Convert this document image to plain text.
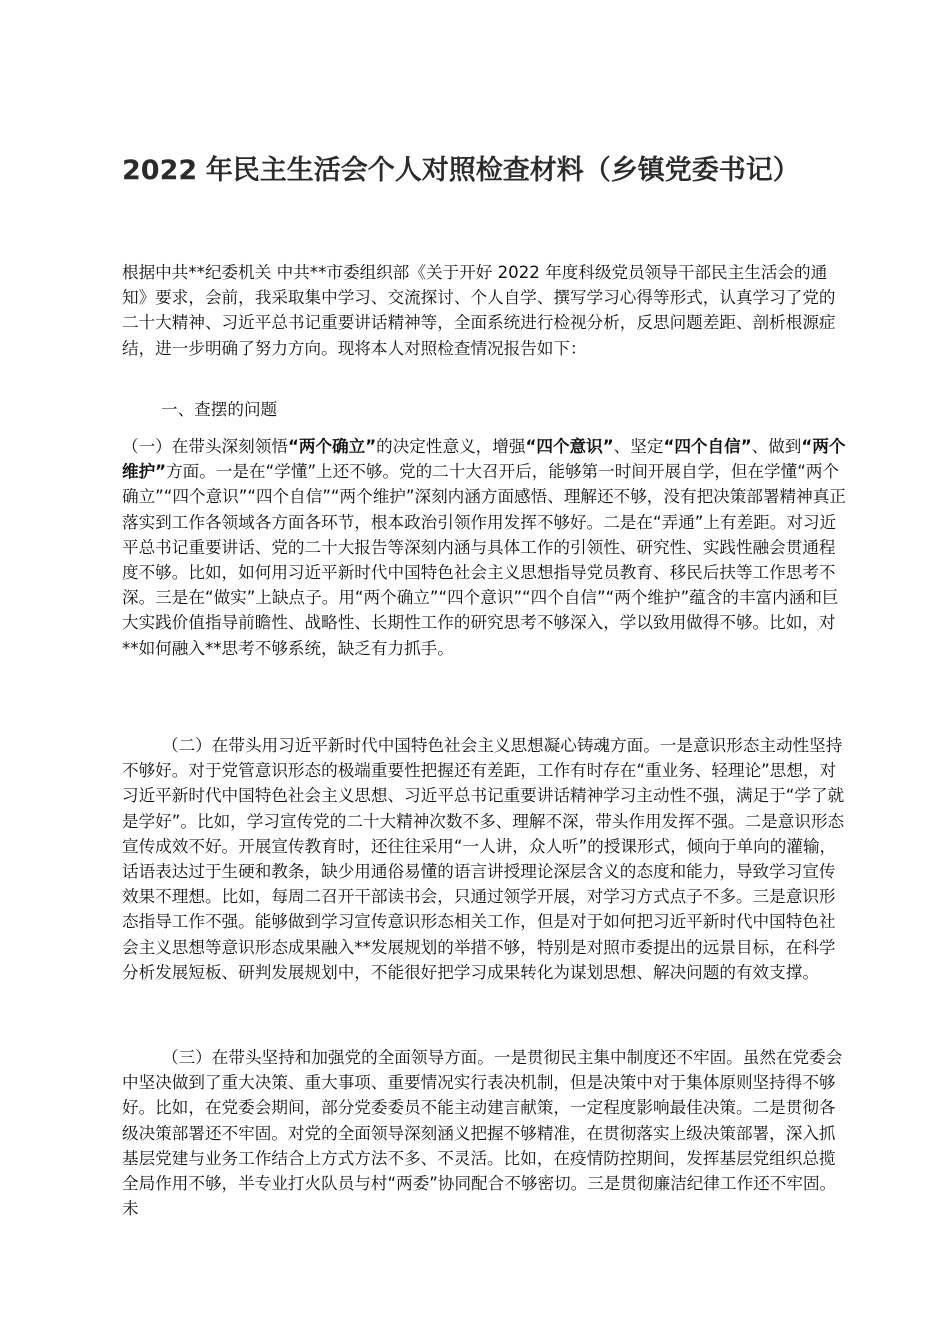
2022 年民主生活会个人对照检查材料（乡镇党委书记）

根据中共**纪委机关 中共**市委组织部《关于开好 2022 年度科级党员领导干部民主生活会的通知》要求，会前，我采取集中学习、交流探讨、个人自学、撰写学习心得等形式，认真学习了党的二十大精神、习近平总书记重要讲话精神等，全面系统进行检视分析，反思问题差距、剖析根源症结，进一步明确了努力方向。现将本人对照检查情况报告如下：

一、查摆的问题

（一）在带头深刻领悟“两个确立”的决定性意义，增强“四个意识”、坚定“四个自信”、做到“两个维护”方面。一是在“学懂”上还不够。党的二十大召开后，能够第一时间开展自学，但在学懂“两个确立”“四个意识”“四个自信”“两个维护”深刻内涵方面感悟、理解还不够，没有把决策部署精神真正落实到工作各领域各方面各环节，根本政治引领作用发挥不够好。二是在“弄通”上有差距。对习近平总书记重要讲话、党的二十大报告等深刻内涵与具体工作的引领性、研究性、实践性融会贯通程度不够。比如，如何用习近平新时代中国特色社会主义思想指导党员教育、移民后扶等工作思考不深。三是在“做实”上缺点子。用“两个确立”“四个意识”“四个自信”“两个维护”蕴含的丰富内涵和巨大实践价值指导前瞻性、战略性、长期性工作的研究思考不够深入，学以致用做得不够。比如，对**如何融入**思考不够系统，缺乏有力抓手。

（二）在带头用习近平新时代中国特色社会主义思想凝心铸魂方面。一是意识形态主动性坚持不够好。对于党管意识形态的极端重要性把握还有差距，工作有时存在“重业务、轻理论”思想，对习近平新时代中国特色社会主义思想、习近平总书记重要讲话精神学习主动性不强，满足于“学了就是学好”。比如，学习宣传党的二十大精神次数不多、理解不深，带头作用发挥不强。二是意识形态宣传成效不好。开展宣传教育时，还往往采用“一人讲，众人听”的授课形式，倾向于单向的灌输，话语表达过于生硬和教条，缺少用通俗易懂的语言讲授理论深层含义的态度和能力，导致学习宣传效果不理想。比如，每周二召开干部读书会，只通过领学开展，对学习方式点子不多。三是意识形态指导工作不强。能够做到学习宣传意识形态相关工作，但是对于如何把习近平新时代中国特色社会主义思想等意识形态成果融入**发展规划的举措不够，特别是对照市委提出的远景目标，在科学分析发展短板、研判发展规划中，不能很好把学习成果转化为谋划思想、解决问题的有效支撑。

（三）在带头坚持和加强党的全面领导方面。一是贯彻民主集中制度还不牢固。虽然在党委会中坚决做到了重大决策、重大事项、重要情况实行表决机制，但是决策中对于集体原则坚持得不够好。比如，在党委会期间，部分党委委员不能主动建言献策，一定程度影响最佳决策。二是贯彻各级决策部署还不牢固。对党的全面领导深刻涵义把握不够精准，在贯彻落实上级决策部署，深入抓基层党建与业务工作结合上方式方法不多、不灵活。比如，在疫情防控期间，发挥基层党组织总揽全局作用不够，半专业打火队员与村“两委”协同配合不够密切。三是贯彻廉洁纪律工作还不牢固。未
